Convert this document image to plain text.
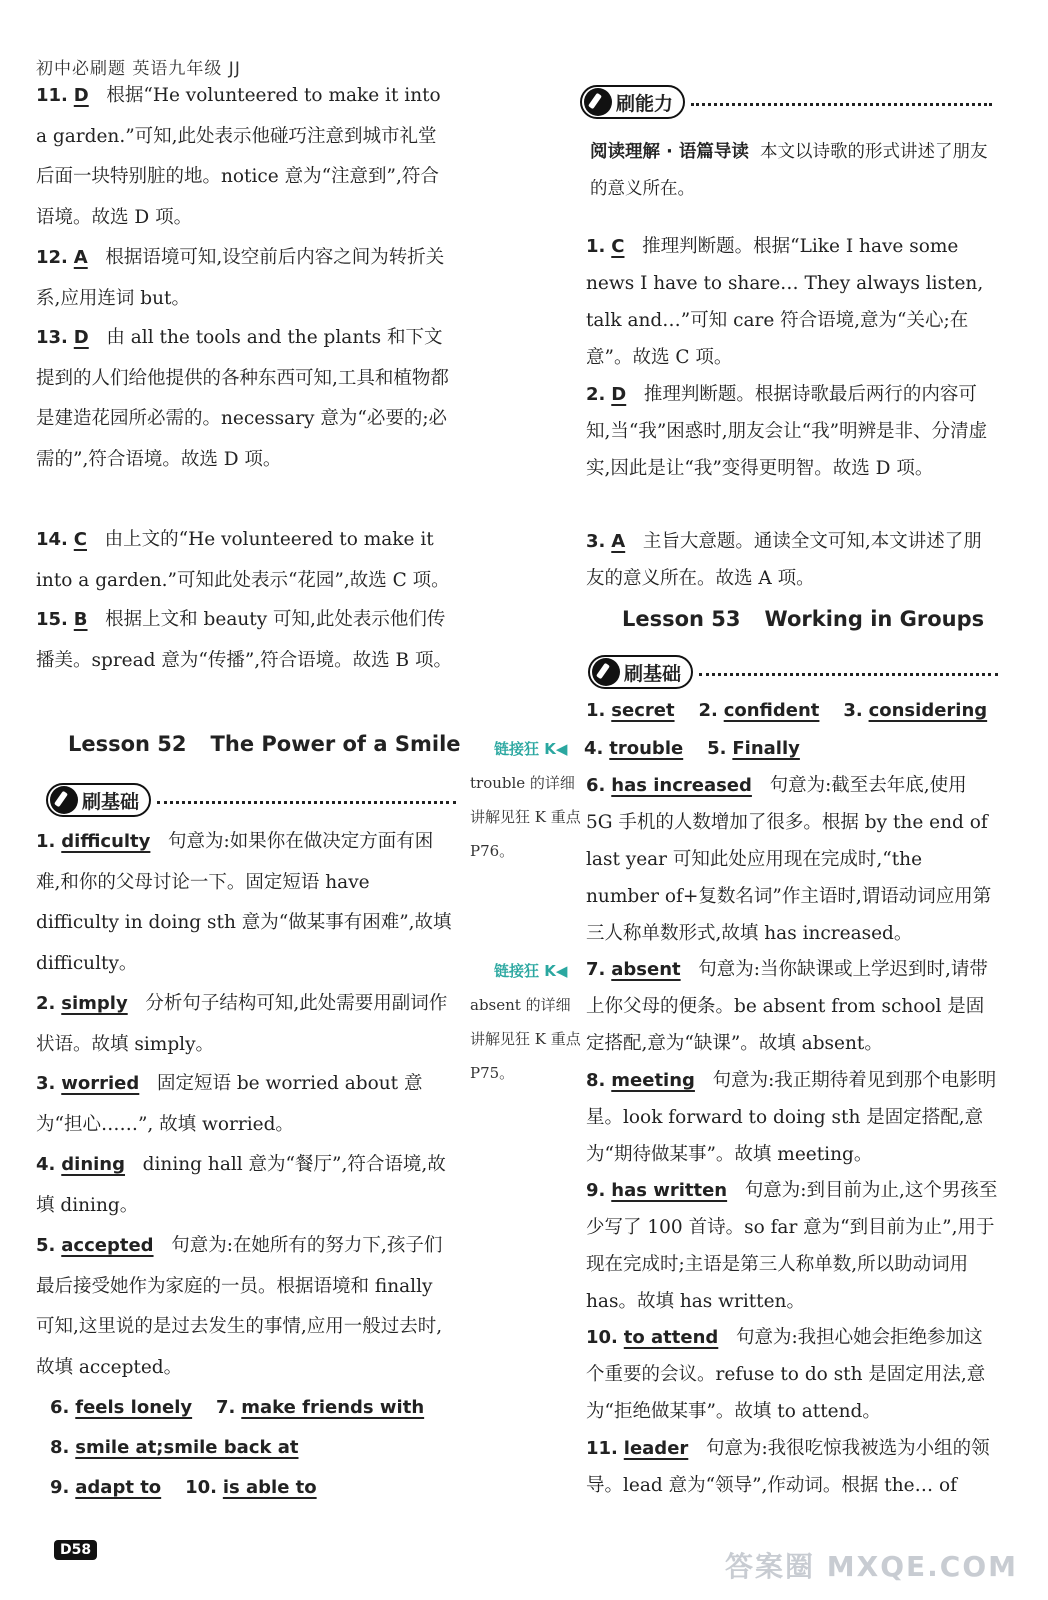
初中必刷题 英语九年级 JJ
11. D 根据“He volunteered to make it into a garden.”可知,此处表示他碰巧注意到城市礼堂后面一块特别脏的地。notice 意为“注意到”,符合语境。故选 D 项。
12. A 根据语境可知,设空前后内容之间为转折关系,应用连词 but。
13. D 由 all the tools and the plants 和下文提到的人们给他提供的各种东西可知,工具和植物都是建造花园所必需的。necessary 意为“必要的;必需的”,符合语境。故选 D 项。
14. C 由上文的“He volunteered to make it into a garden.”可知此处表示“花园”,故选 C 项。
15. B 根据上文和 beauty 可知,此处表示他们传播美。spread 意为“传播”,符合语境。故选 B 项。
Lesson 52 The Power of a Smile
刷基础
1. difficulty 句意为:如果你在做决定方面有困难,和你的父母讨论一下。固定短语 have difficulty in doing sth 意为“做某事有困难”,故填 difficulty。
2. simply 分析句子结构可知,此处需要用副词作状语。故填 simply。
3. worried 固定短语 be worried about 意为“担心……”, 故填 worried。
4. dining dining hall 意为“餐厅”,符合语境,故填 dining。
5. accepted 句意为:在她所有的努力下,孩子们最后接受她作为家庭的一员。根据语境和 finally 可知,这里说的是过去发生的事情,应用一般过去时,故填 accepted。
6. feels lonely 7. make friends with
8. smile at;smile back at
9. adapt to 10. is able to
链接狂 K◀
trouble 的详细讲解见狂 K 重点 P76。
链接狂 K◀
absent 的详细讲解见狂 K 重点 P75。
刷能力
阅读理解 · 语篇导读 本文以诗歌的形式讲述了朋友的意义所在。
1. C 推理判断题。根据“Like I have some news I have to share… They always listen, talk and…”可知 care 符合语境,意为“关心;在意”。故选 C 项。
2. D 推理判断题。根据诗歌最后两行的内容可知,当“我”困惑时,朋友会让“我”明辨是非、分清虚实,因此是让“我”变得更明智。故选 D 项。
3. A 主旨大意题。通读全文可知,本文讲述了朋友的意义所在。故选 A 项。
Lesson 53 Working in Groups
刷基础
1. secret 2. confident 3. considering
4. trouble 5. Finally
6. has increased 句意为:截至去年底,使用 5G 手机的人数增加了很多。根据 by the end of last year 可知此处应用现在完成时,“the number of+复数名词”作主语时,谓语动词应用第三人称单数形式,故填 has increased。
7. absent 句意为:当你缺课或上学迟到时,请带上你父母的便条。be absent from school 是固定搭配,意为“缺课”。故填 absent。
8. meeting 句意为:我正期待着见到那个电影明星。look forward to doing sth 是固定搭配,意为“期待做某事”。故填 meeting。
9. has written 句意为:到目前为止,这个男孩至少写了 100 首诗。so far 意为“到目前为止”,用于现在完成时;主语是第三人称单数,所以助动词用 has。故填 has written。
10. to attend 句意为:我担心她会拒绝参加这个重要的会议。refuse to do sth 是固定用法,意为“拒绝做某事”。故填 to attend。
11. leader 句意为:我很吃惊我被选为小组的领导。lead 意为“领导”,作动词。根据 the… of
D58	答案圈 MXQE.COM
